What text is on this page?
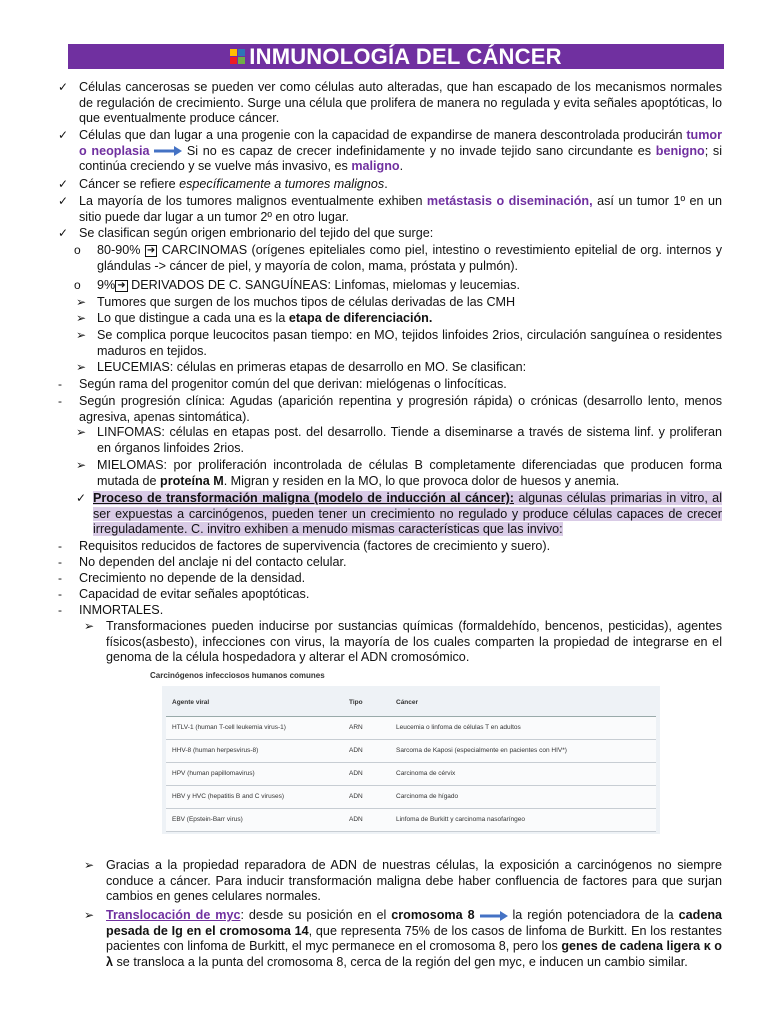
INMUNOLOGÍA DEL CÁNCER
✓ Células cancerosas se pueden ver como células auto alteradas, que han escapado de los mecanismos normales de regulación de crecimiento. Surge una célula que prolifera de manera no regulada y evita señales apoptóticas, lo que eventualmente produce cáncer.
✓ Células que dan lugar a una progenie con la capacidad de expandirse de manera descontrolada producirán tumor o neoplasia	Si no es capaz de crecer indefinidamente y no invade tejido sano circundante es benigno; si continúa creciendo y se vuelve más invasivo, es maligno.
✓ Cáncer se refiere específicamente a tumores malignos.
✓ La mayoría de los tumores malignos eventualmente exhiben metástasis o diseminación, así un tumor 1º en un sitio puede dar lugar a un tumor 2º en otro lugar.
✓ Se clasifican según origen embrionario del tejido del que surge:
o 80-90% ➜ CARCINOMAS (orígenes epiteliales como piel, intestino o revestimiento epitelial de org. internos y glándulas -> cáncer de piel, y mayoría de colon, mama, próstata y pulmón).
o 9% ➜ DERIVADOS DE C. SANGUÍNEAS: Linfomas, mielomas y leucemias.
➢ Tumores que surgen de los muchos tipos de células derivadas de las CMH
➢ Lo que distingue a cada una es la etapa de diferenciación.
➢ Se complica porque leucocitos pasan tiempo: en MO, tejidos linfoides 2rios, circulación sanguínea o residentes maduros en tejidos.
➢ LEUCEMIAS: células en primeras etapas de desarrollo en MO. Se clasifican:
- Según rama del progenitor común del que derivan: mielógenas o linfocíticas.
- Según progresión clínica: Agudas (aparición repentina y progresión rápida) o crónicas (desarrollo lento, menos agresiva, apenas sintomática).
➢ LINFOMAS: células en etapas post. del desarrollo. Tiende a diseminarse a través de sistema linf. y proliferan en órganos linfoides 2rios.
➢ MIELOMAS: por proliferación incontrolada de células B completamente diferenciadas que producen forma mutada de proteína M. Migran y residen en la MO, lo que provoca dolor de huesos y anemia.
✓ Proceso de transformación maligna (modelo de inducción al cáncer): algunas células primarias in vitro, al ser expuestas a carcinógenos, pueden tener un crecimiento no regulado y produce células capaces de crecer irreguladamente. C. invitro exhiben a menudo mismas características que las invivo:
- Requisitos reducidos de factores de supervivencia (factores de crecimiento y suero).
- No dependen del anclaje ni del contacto celular.
- Crecimiento no depende de la densidad.
- Capacidad de evitar señales apoptóticas.
- INMORTALES.
➢ Transformaciones pueden inducirse por sustancias químicas (formaldehído, bencenos, pesticidas), agentes físicos(asbesto), infecciones con virus, la mayoría de los cuales comparten la propiedad de integrarse en el genoma de la célula hospedadora y alterar el ADN cromosómico.
Carcinógenos infecciosos humanos comunes
Agente viral	Tipo	Cáncer
HTLV-1 (human T-cell leukemia virus-1)	ARN	Leucemia o linfoma de células T en adultos
HHV-8 (human herpesvirus-8)	ADN	Sarcoma de Kaposi (especialmente en pacientes con HIV*)
HPV (human papillomavirus)	ADN	Carcinoma de cérvix
HBV y HVC (hepatitis B and C viruses)	ADN	Carcinoma de hígado
EBV (Epstein-Barr virus)	ADN	Linfoma de Burkitt y carcinoma nasofaríngeo
➢ Gracias a la propiedad reparadora de ADN de nuestras células, la exposición a carcinógenos no siempre conduce a cáncer. Para inducir transformación maligna debe haber confluencia de factores para que surjan cambios en genes celulares normales.
➢ Translocación de myc: desde su posición en el cromosoma 8	la región potenciadora de la cadena pesada de Ig en el cromosoma 14, que representa 75% de los casos de linfoma de Burkitt. En los restantes pacientes con linfoma de Burkitt, el myc permanece en el cromosoma 8, pero los genes de cadena ligera κ o λ se transloca a la punta del cromosoma 8, cerca de la región del gen myc, e inducen un cambio similar.
